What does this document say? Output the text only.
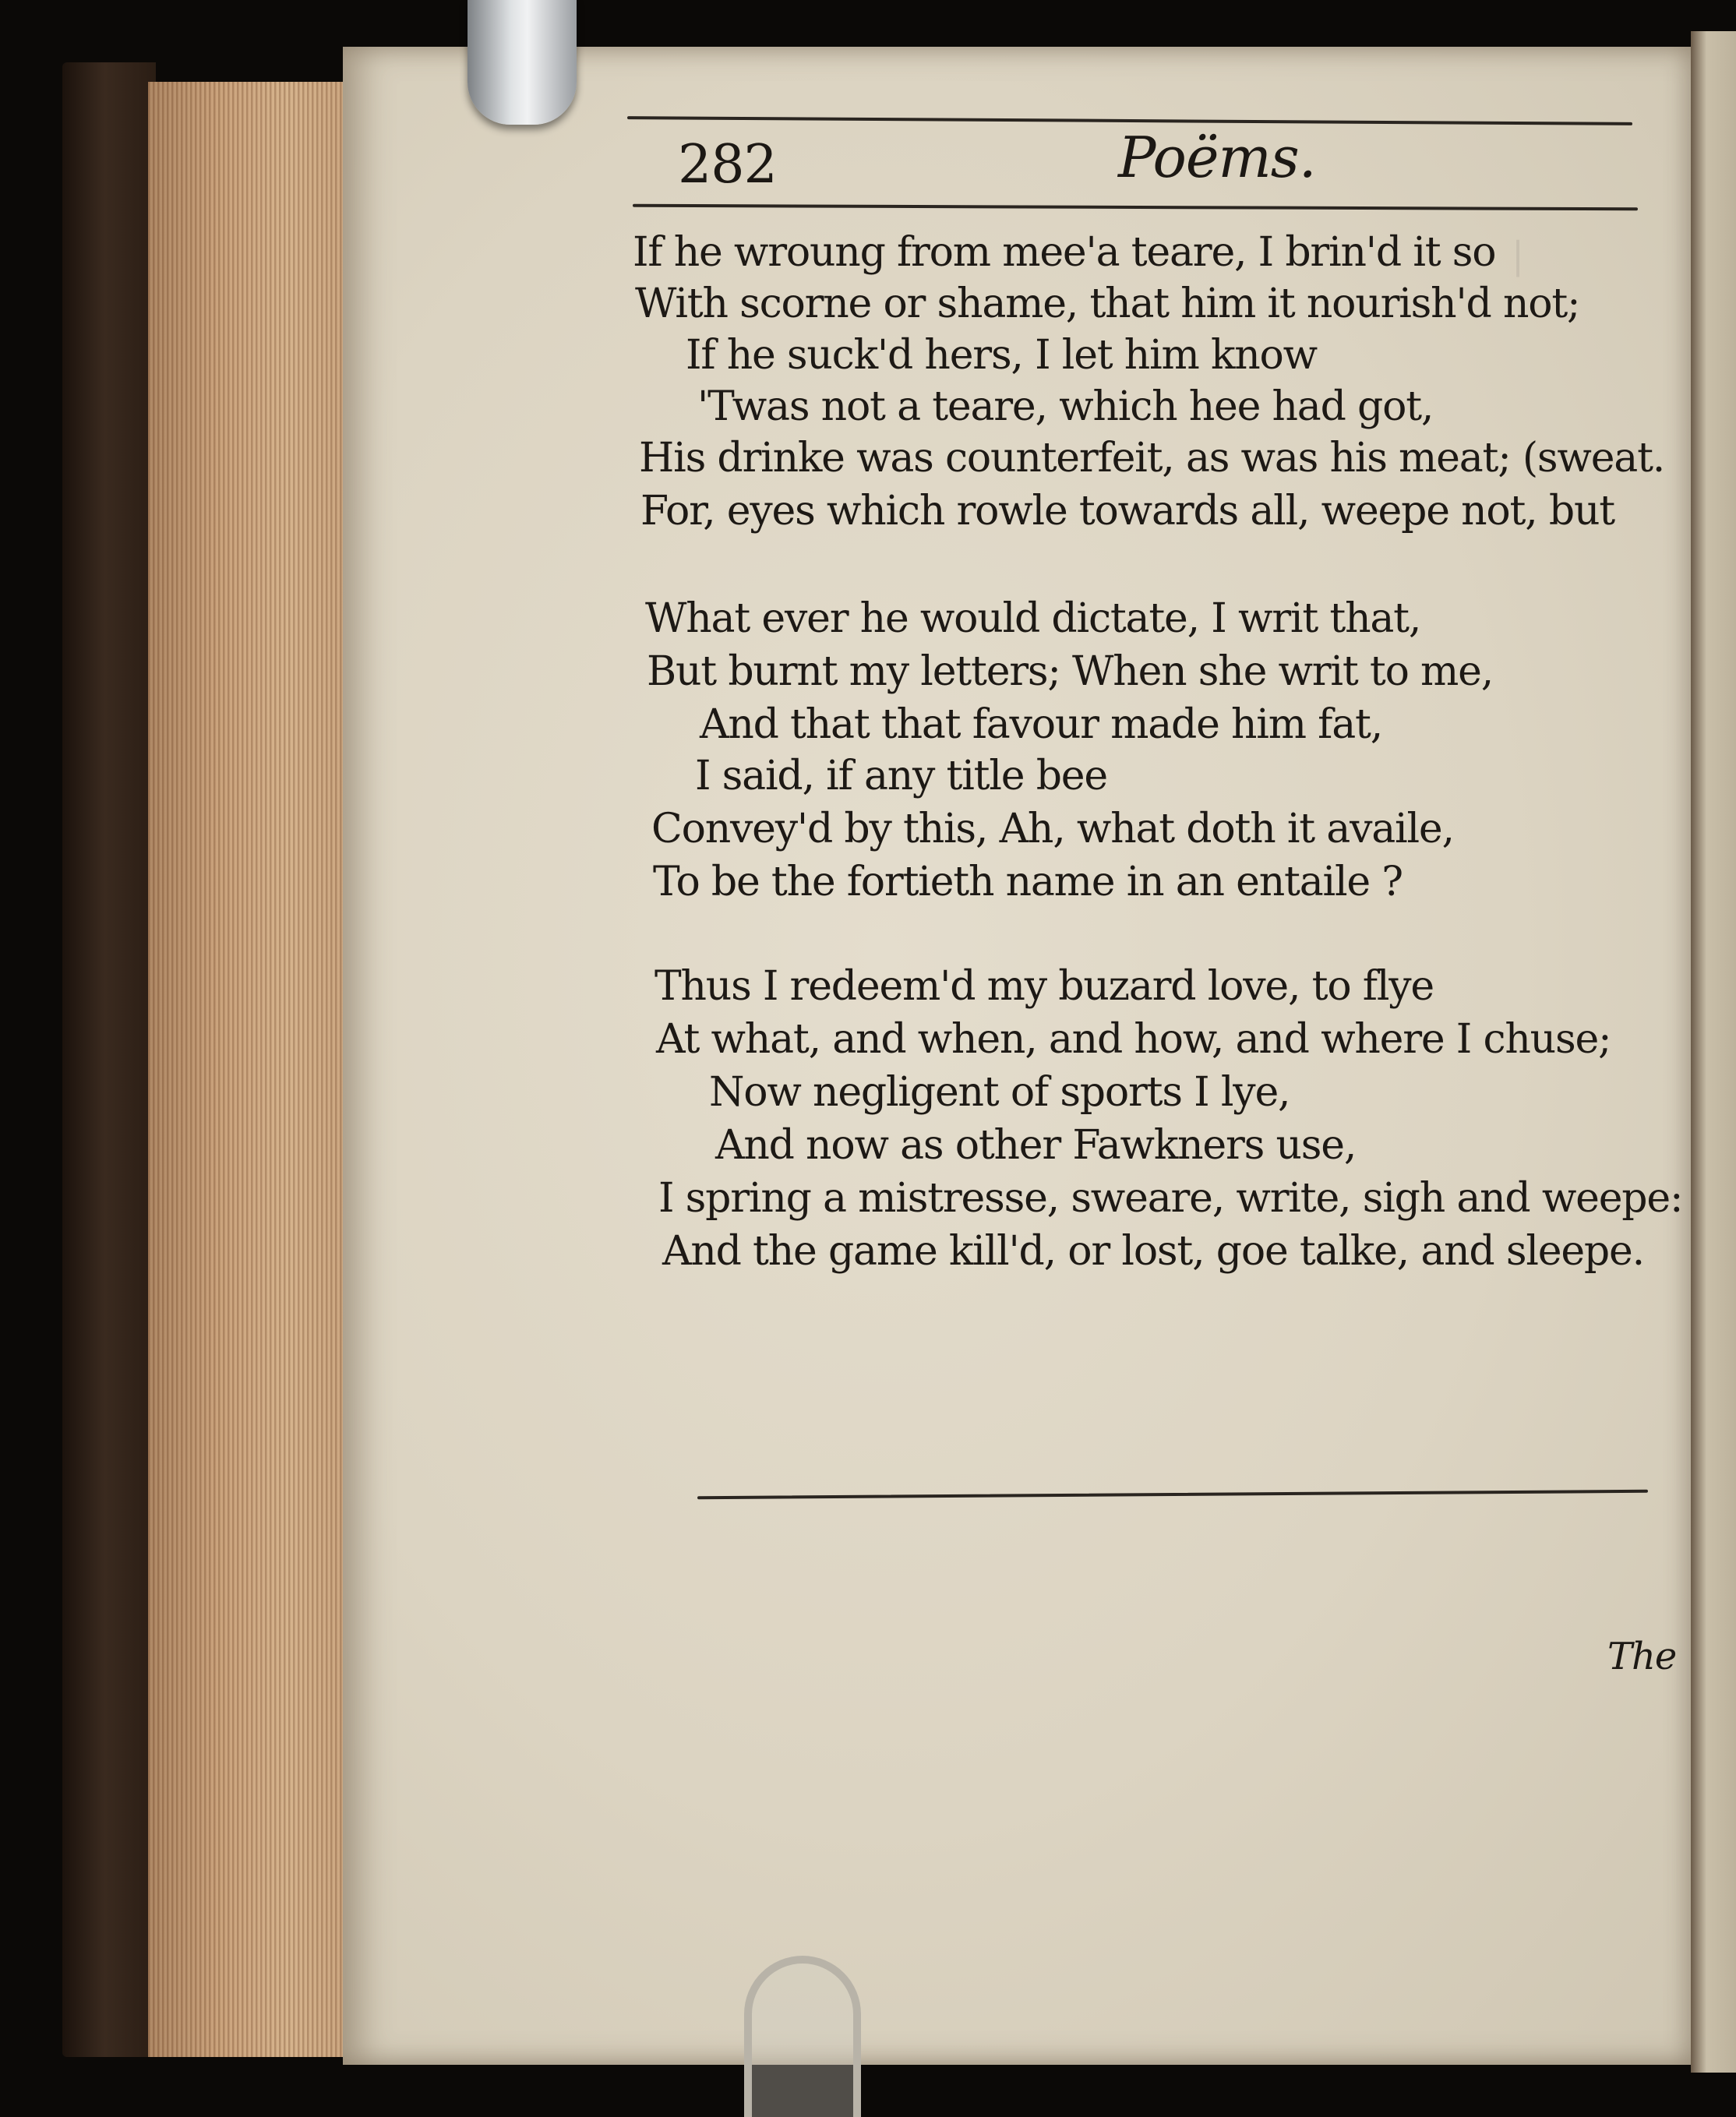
|
282	Poëms.
If he wroung from mee'a teare, I brin'd it so
With scorne or shame, that him it nourish'd not;
If he suck'd hers, I let him know
'Twas not a teare, which hee had got,
His drinke was counterfeit, as was his meat; (sweat.
For, eyes which rowle towards all, weepe not, but
What ever he would dictate, I writ that,
But burnt my letters; When she writ to me,
And that that favour made him fat,
I said, if any title bee
Convey'd by this, Ah, what doth it availe,
To be the fortieth name in an entaile ?
Thus I redeem'd my buzard love, to flye
At what, and when, and how, and where I chuse;
Now negligent of sports I lye,
And now as other Fawkners use,
I spring a mistresse, sweare, write, sigh and weepe:
And the game kill'd, or lost, goe talke, and sleepe.
The
